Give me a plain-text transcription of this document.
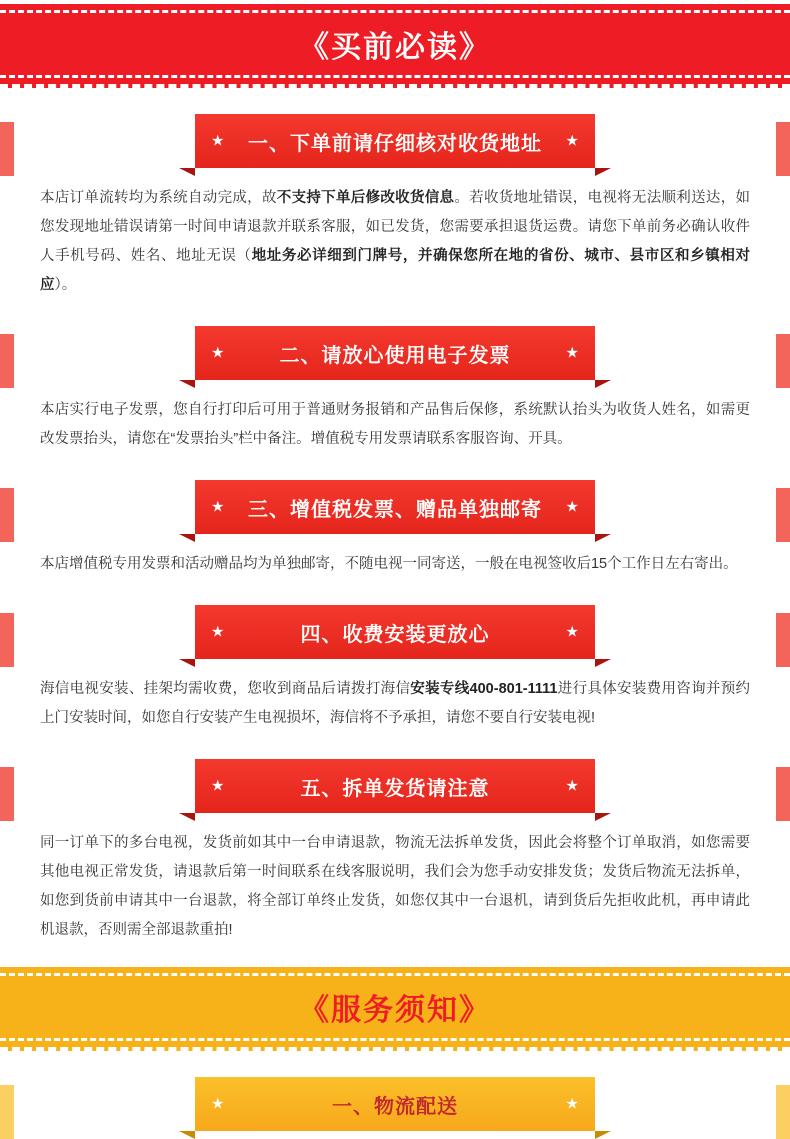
《买前必读》
★	一、下单前请仔细核对收货地址	★
本店订单流转均为系统自动完成，故不支持下单后修改收货信息。若收货地址错误，电视将无法顺利送达，如您发现地址错误请第一时间申请退款并联系客服，如已发货，您需要承担退货运费。请您下单前务必确认收件人手机号码、姓名、地址无误（地址务必详细到门牌号，并确保您所在地的省份、城市、县市区和乡镇相对应）。
★	二、请放心使用电子发票	★
本店实行电子发票，您自行打印后可用于普通财务报销和产品售后保修，系统默认抬头为收货人姓名，如需更改发票抬头，请您在“发票抬头”栏中备注。增值税专用发票请联系客服咨询、开具。
★	三、增值税发票、赠品单独邮寄	★
本店增值税专用发票和活动赠品均为单独邮寄，不随电视一同寄送，一般在电视签收后15个工作日左右寄出。
★	四、收费安装更放心	★
海信电视安装、挂架均需收费，您收到商品后请拨打海信安装专线400-801-1111进行具体安装费用咨询并预约上门安装时间，如您自行安装产生电视损坏，海信将不予承担，请您不要自行安装电视!
★	五、拆单发货请注意	★
同一订单下的多台电视，发货前如其中一台申请退款，物流无法拆单发货，因此会将整个订单取消，如您需要其他电视正常发货，请退款后第一时间联系在线客服说明，我们会为您手动安排发货；发货后物流无法拆单，如您到货前申请其中一台退款，将全部订单终止发货，如您仅其中一台退机，请到货后先拒收此机，再申请此机退款，否则需全部退款重拍!
《服务须知》
★	一、物流配送	★
